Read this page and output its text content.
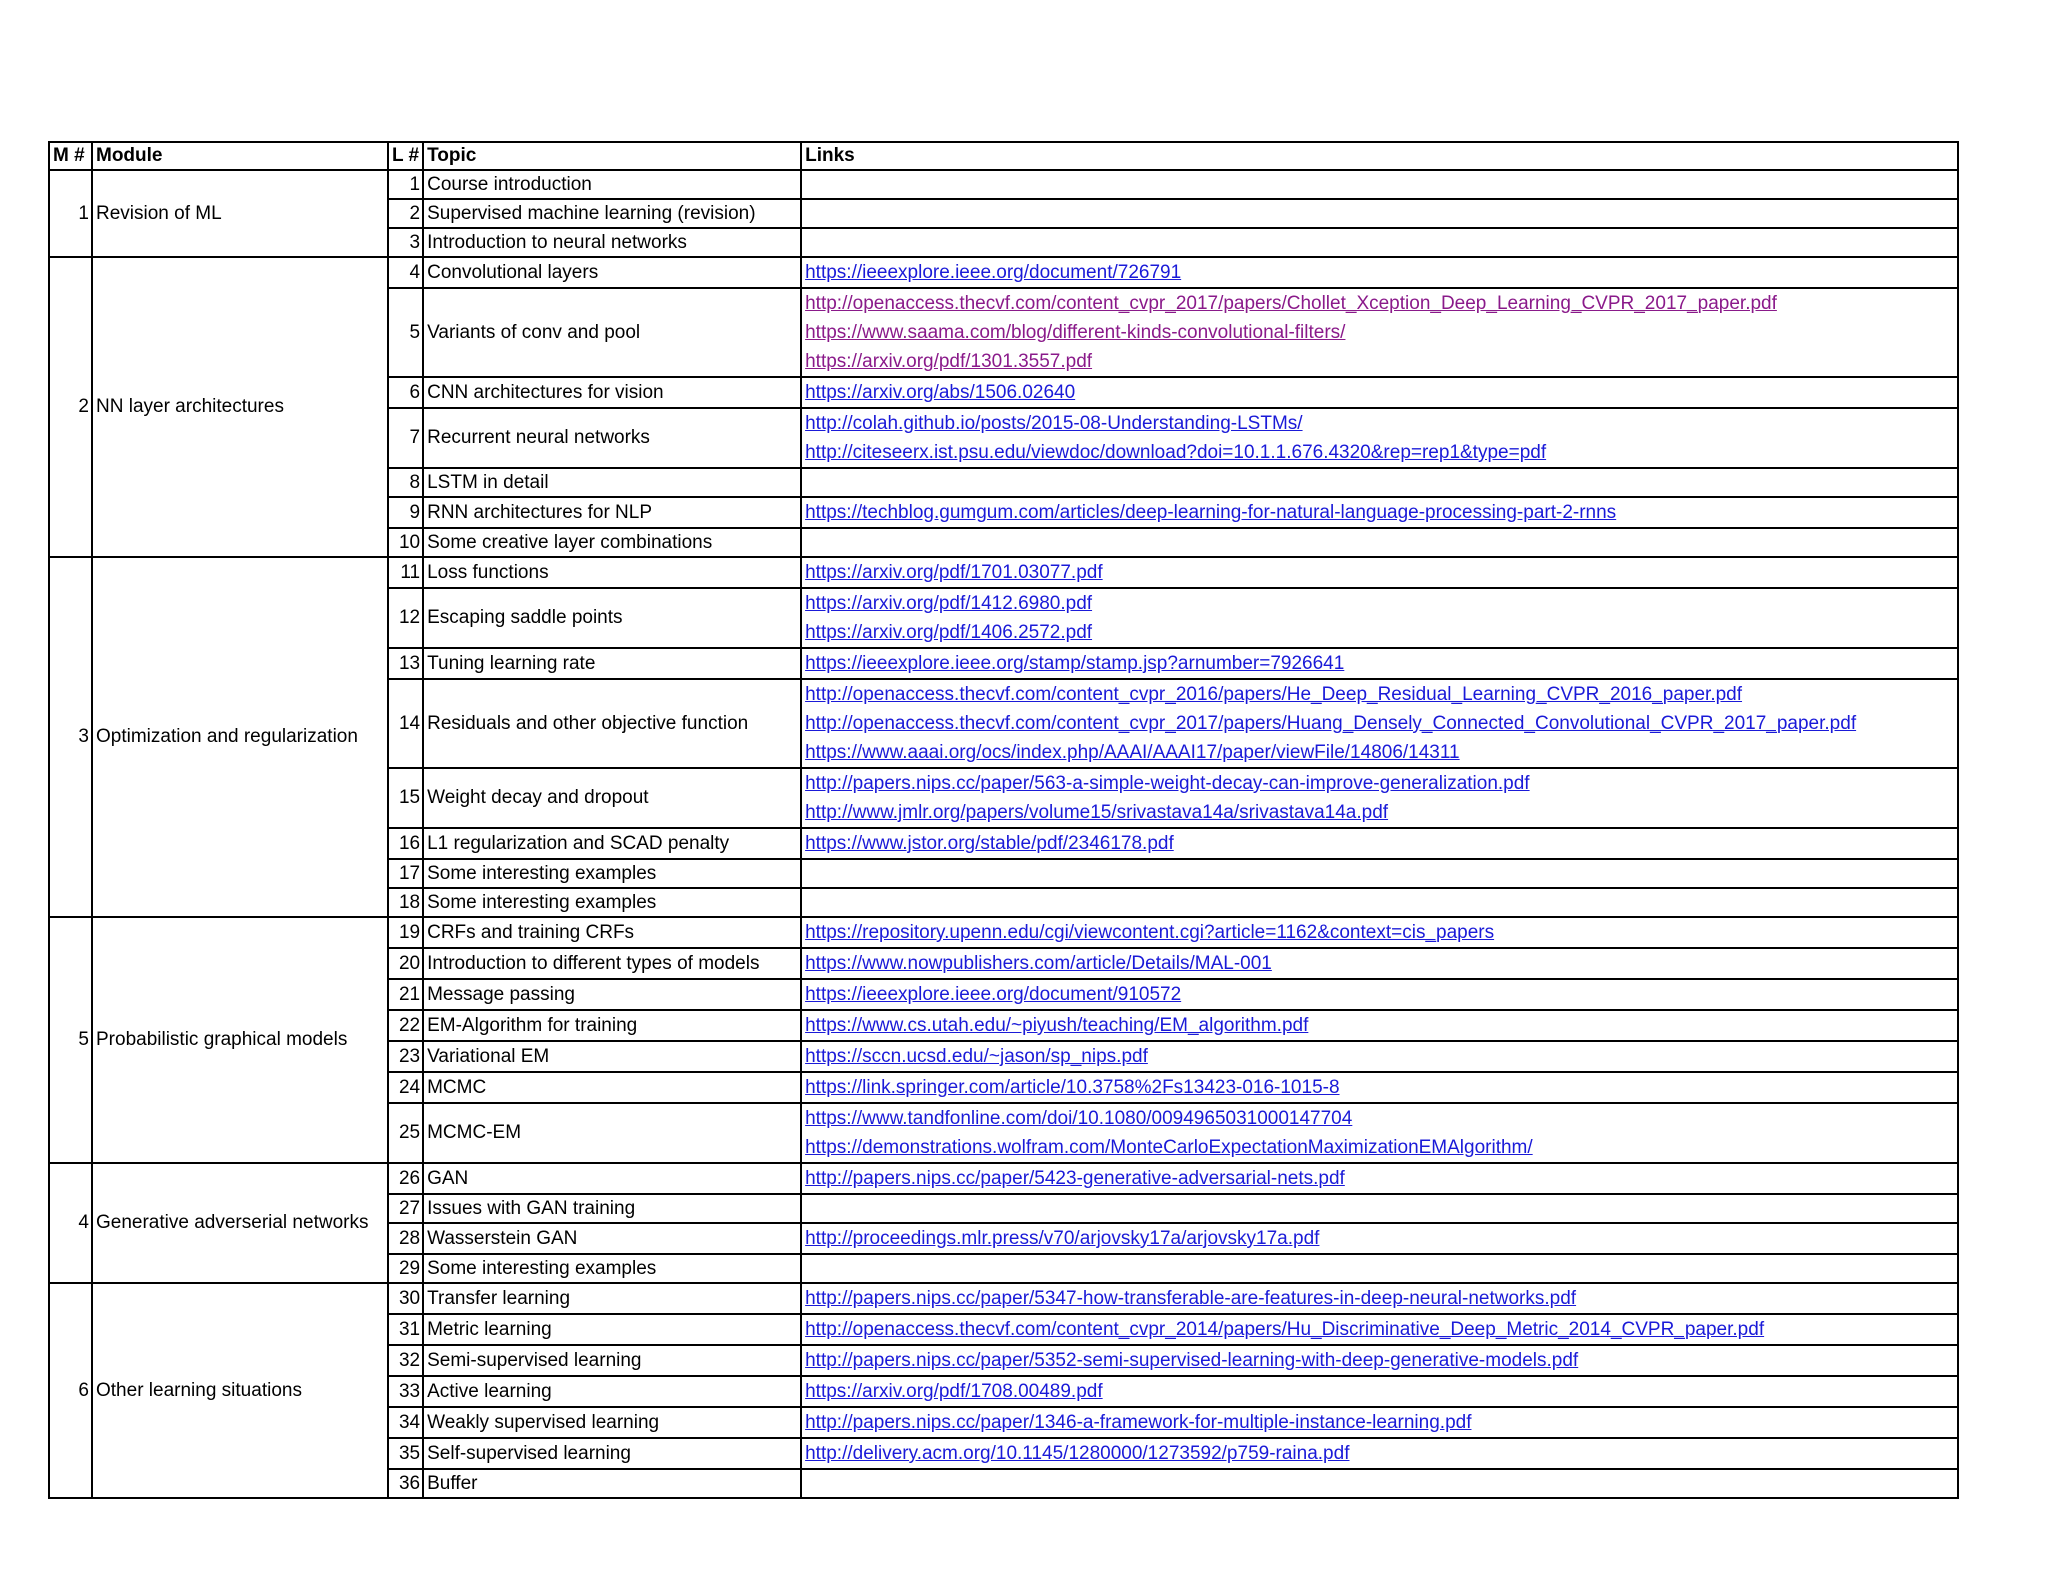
M #	Module	L #	Topic	Links
1	Revision of ML	1	Course introduction	
		2	Supervised machine learning (revision)	
		3	Introduction to neural networks	
2	NN layer architectures	4	Convolutional layers	https://ieeexplore.ieee.org/document/726791

		5	Variants of conv and pool	http://openaccess.thecvf.com/content_cvpr_2017/papers/Chollet_Xception_Deep_Learning_CVPR_2017_paper.pdf
https://www.saama.com/blog/different-kinds-convolutional-filters/
https://arxiv.org/pdf/1301.3557.pdf

		6	CNN architectures for vision	https://arxiv.org/abs/1506.02640

		7	Recurrent neural networks	http://colah.github.io/posts/2015-08-Understanding-LSTMs/
http://citeseerx.ist.psu.edu/viewdoc/download?doi=10.1.1.676.4320&rep=rep1&type=pdf

		8	LSTM in detail	
		9	RNN architectures for NLP	https://techblog.gumgum.com/articles/deep-learning-for-natural-language-processing-part-2-rnns

		10	Some creative layer combinations	
3	Optimization and regularization	11	Loss functions	https://arxiv.org/pdf/1701.03077.pdf

		12	Escaping saddle points	https://arxiv.org/pdf/1412.6980.pdf
https://arxiv.org/pdf/1406.2572.pdf

		13	Tuning learning rate	https://ieeexplore.ieee.org/stamp/stamp.jsp?arnumber=7926641

		14	Residuals and other objective function	http://openaccess.thecvf.com/content_cvpr_2016/papers/He_Deep_Residual_Learning_CVPR_2016_paper.pdf
http://openaccess.thecvf.com/content_cvpr_2017/papers/Huang_Densely_Connected_Convolutional_CVPR_2017_paper.pdf
https://www.aaai.org/ocs/index.php/AAAI/AAAI17/paper/viewFile/14806/14311

		15	Weight decay and dropout	http://papers.nips.cc/paper/563-a-simple-weight-decay-can-improve-generalization.pdf
http://www.jmlr.org/papers/volume15/srivastava14a/srivastava14a.pdf

		16	L1 regularization and SCAD penalty	https://www.jstor.org/stable/pdf/2346178.pdf

		17	Some interesting examples	
		18	Some interesting examples	
5	Probabilistic graphical models	19	CRFs and training CRFs	https://repository.upenn.edu/cgi/viewcontent.cgi?article=1162&context=cis_papers

		20	Introduction to different types of models	https://www.nowpublishers.com/article/Details/MAL-001

		21	Message passing	https://ieeexplore.ieee.org/document/910572

		22	EM-Algorithm for training	https://www.cs.utah.edu/~piyush/teaching/EM_algorithm.pdf

		23	Variational EM	https://sccn.ucsd.edu/~jason/sp_nips.pdf

		24	MCMC	https://link.springer.com/article/10.3758%2Fs13423-016-1015-8

		25	MCMC-EM	https://www.tandfonline.com/doi/10.1080/0094965031000147704
https://demonstrations.wolfram.com/MonteCarloExpectationMaximizationEMAlgorithm/

4	Generative adverserial networks	26	GAN	http://papers.nips.cc/paper/5423-generative-adversarial-nets.pdf

		27	Issues with GAN training	
		28	Wasserstein GAN	http://proceedings.mlr.press/v70/arjovsky17a/arjovsky17a.pdf

		29	Some interesting examples	
6	Other learning situations	30	Transfer learning	http://papers.nips.cc/paper/5347-how-transferable-are-features-in-deep-neural-networks.pdf

		31	Metric learning	http://openaccess.thecvf.com/content_cvpr_2014/papers/Hu_Discriminative_Deep_Metric_2014_CVPR_paper.pdf

		32	Semi-supervised learning	http://papers.nips.cc/paper/5352-semi-supervised-learning-with-deep-generative-models.pdf

		33	Active learning	https://arxiv.org/pdf/1708.00489.pdf

		34	Weakly supervised learning	http://papers.nips.cc/paper/1346-a-framework-for-multiple-instance-learning.pdf

		35	Self-supervised learning	http://delivery.acm.org/10.1145/1280000/1273592/p759-raina.pdf

		36	Buffer	
